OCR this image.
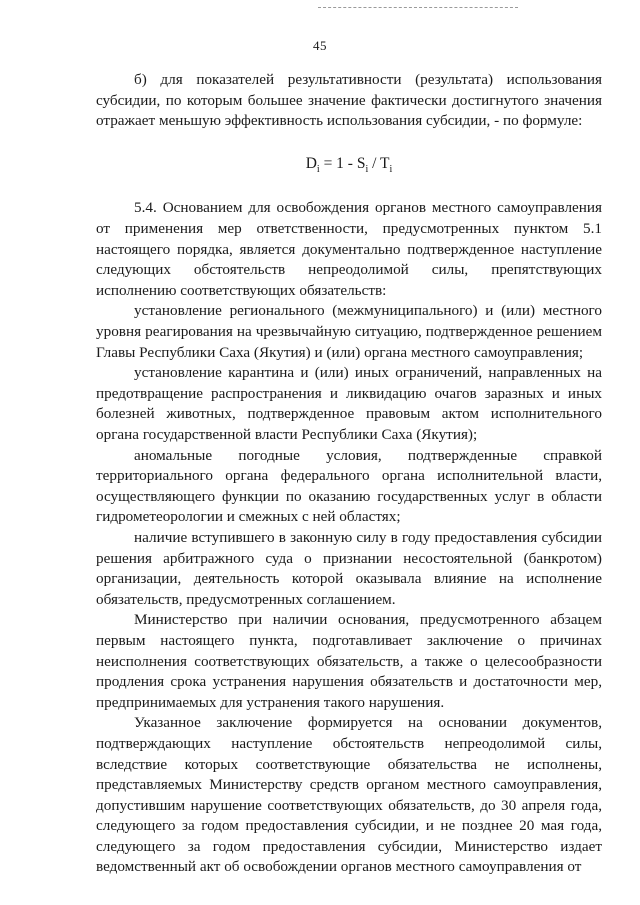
45

б) для показателей результативности (результата) использования субсидии, по которым большее значение фактически достигнутого значения отражает меньшую эффективность использования субсидии, - по формуле:

$D_i = 1 - S_i / T_i$

5.4. Основанием для освобождения органов местного самоуправления от применения мер ответственности, предусмотренных пунктом 5.1 настоящего порядка, является документально подтвержденное наступление следующих обстоятельств непреодолимой силы, препятствующих исполнению соответствующих обязательств:

установление регионального (межмуниципального) и (или) местного уровня реагирования на чрезвычайную ситуацию, подтвержденное решением Главы Республики Саха (Якутия) и (или) органа местного самоуправления;

установление карантина и (или) иных ограничений, направленных на предотвращение распространения и ликвидацию очагов заразных и иных болезней животных, подтвержденное правовым актом исполнительного органа государственной власти Республики Саха (Якутия);

аномальные погодные условия, подтвержденные справкой территориального органа федерального органа исполнительной власти, осуществляющего функции по оказанию государственных услуг в области гидрометеорологии и смежных с ней областях;

наличие вступившего в законную силу в году предоставления субсидии решения арбитражного суда о признании несостоятельной (банкротом) организации, деятельность которой оказывала влияние на исполнение обязательств, предусмотренных соглашением.

Министерство при наличии основания, предусмотренного абзацем первым настоящего пункта, подготавливает заключение о причинах неисполнения соответствующих обязательств, а также о целесообразности продления срока устранения нарушения обязательств и достаточности мер, предпринимаемых для устранения такого нарушения.

Указанное заключение формируется на основании документов, подтверждающих наступление обстоятельств непреодолимой силы, вследствие которых соответствующие обязательства не исполнены, представляемых Министерству средств органом местного самоуправления, допустившим нарушение соответствующих обязательств, до 30 апреля года, следующего за годом предоставления субсидии, и не позднее 20 мая года, следующего за годом предоставления субсидии, Министерство издает ведомственный акт об освобождении органов местного самоуправления от
